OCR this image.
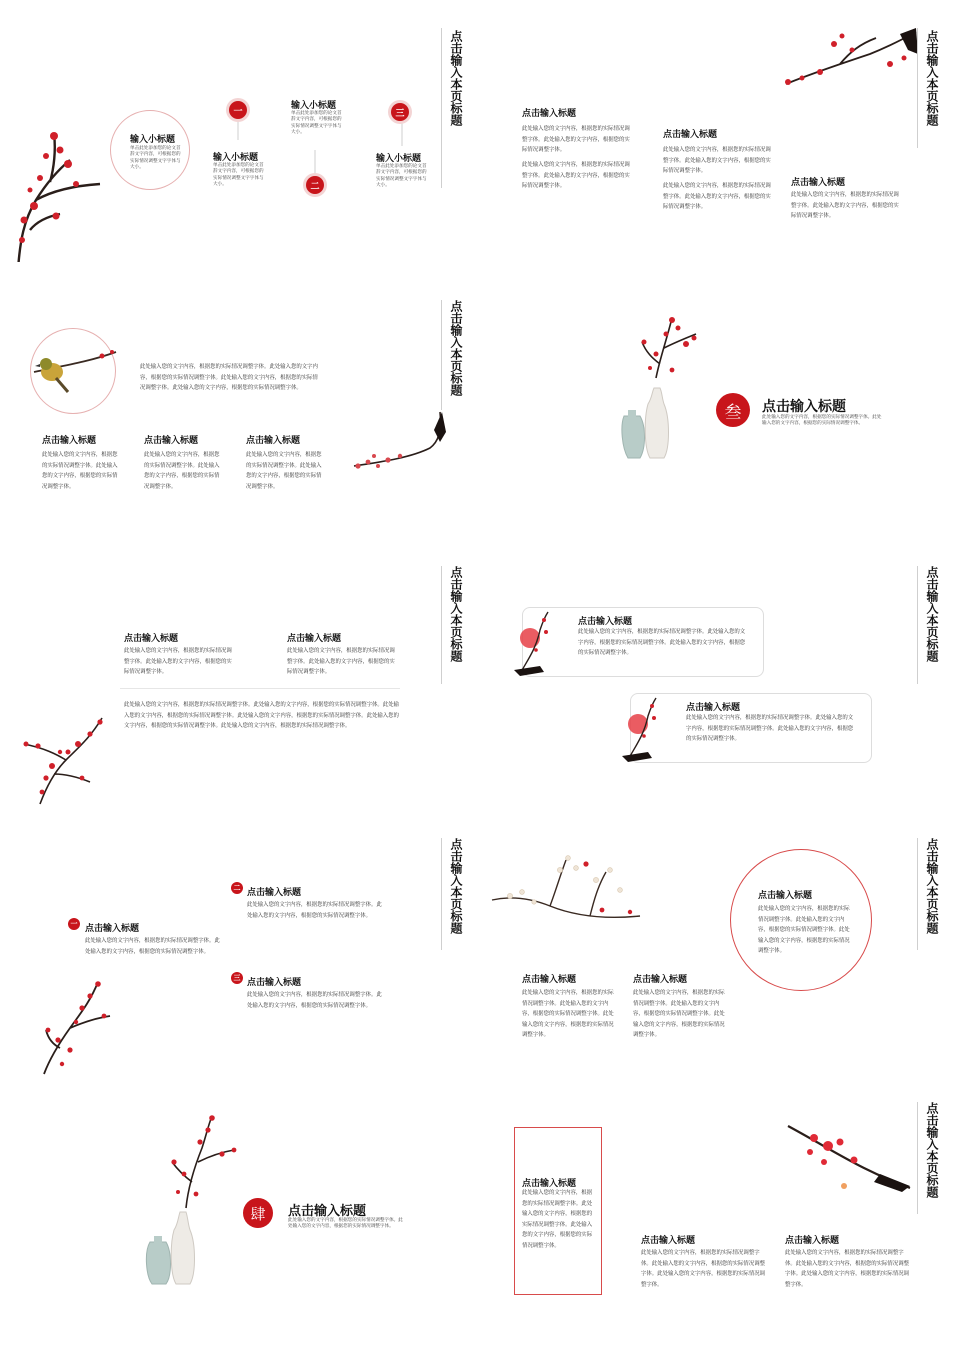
输入小标题
单击此处添加您的论文首辞文字内容，可根据您的实际情况调整文字字体与大小。
一
二
三
输入小标题
单击此处添加您的论文首辞文字内容，可根据您的实际情况调整文字字体与大小。
输入小标题
单击此处添加您的论文首辞文字内容，可根据您的实际情况调整文字字体与大小。
输入小标题
单击此处添加您的论文首辞文字内容，可根据您的实际情况调整文字字体与大小。
点击输入本页标题	点击输入标题
此处输入您的文字内容，根据您的实际情况调整字体。此处输入您的文字内容，根据您的实际情况调整字体。
此处输入您的文字内容，根据您的实际情况调整字体。此处输入您的文字内容，根据您的实际情况调整字体。
点击输入标题
此处输入您的文字内容，根据您的实际情况调整字体。此处输入您的文字内容，根据您的实际情况调整字体。
此处输入您的文字内容，根据您的实际情况调整字体。此处输入您的文字内容，根据您的实际情况调整字体。
点击输入标题
此处输入您的文字内容，根据您的实际情况调整字体。此处输入您的文字内容，根据您的实际情况调整字体。
点击输入本页标题
此处输入您的文字内容，根据您的实际情况调整字体。此处输入您的文字内容，根据您的实际情况调整字体。此处输入您的文字内容，根据您的实际情况调整字体。此处输入您的文字内容，根据您的实际情况调整字体。
点击输入标题
此处输入您的文字内容，根据您的实际情况调整字体。此处输入您的文字内容，根据您的实际情况调整字体。
点击输入标题
此处输入您的文字内容，根据您的实际情况调整字体。此处输入您的文字内容，根据您的实际情况调整字体。
点击输入标题
此处输入您的文字内容，根据您的实际情况调整字体。此处输入您的文字内容，根据您的实际情况调整字体。
点击输入本页标题
叁	点击输入标题
此处输入您的文字内容，根据您的实际情况调整字体。此处输入您的文字内容，根据您的实际情况调整字体。
点击输入标题
此处输入您的文字内容，根据您的实际情况调整字体。此处输入您的文字内容，根据您的实际情况调整字体。
点击输入标题
此处输入您的文字内容，根据您的实际情况调整字体。此处输入您的文字内容，根据您的实际情况调整字体。
此处输入您的文字内容，根据您的实际情况调整字体。此处输入您的文字内容，根据您的实际情况调整字体。此处输入您的文字内容，根据您的实际情况调整字体。此处输入您的文字内容，根据您的实际情况调整字体。此处输入您的文字内容，根据您的实际情况调整字体。此处输入您的文字内容，根据您的实际情况调整字体。
点击输入本页标题	点击输入标题
此处输入您的文字内容，根据您的实际情况调整字体。此处输入您的文字内容，根据您的实际情况调整字体。此处输入您的文字内容，根据您的实际情况调整字体。
点击输入标题
此处输入您的文字内容，根据您的实际情况调整字体。此处输入您的文字内容，根据您的实际情况调整字体。此处输入您的文字内容，根据您的实际情况调整字体。
点击输入本页标题
一 点击输入标题
此处输入您的文字内容，根据您的实际情况调整字体。此处输入您的文字内容，根据您的实际情况调整字体。
二 点击输入标题
此处输入您的文字内容，根据您的实际情况调整字体。此处输入您的文字内容，根据您的实际情况调整字体。
三 点击输入标题
此处输入您的文字内容，根据您的实际情况调整字体。此处输入您的文字内容，根据您的实际情况调整字体。
点击输入本页标题	点击输入标题
此处输入您的文字内容，根据您的实际情况调整字体。此处输入您的文字内容，根据您的实际情况调整字体。此处输入您的文字内容，根据您的实际情况调整字体。
点击输入标题
此处输入您的文字内容，根据您的实际情况调整字体。此处输入您的文字内容，根据您的实际情况调整字体。此处输入您的文字内容，根据您的实际情况调整字体。
点击输入标题
此处输入您的文字内容，根据您的实际情况调整字体。此处输入您的文字内容，根据您的实际情况调整字体。此处输入您的文字内容，根据您的实际情况调整字体。
点击输入本页标题
肆	点击输入标题
此处输入您的文字内容，根据您的实际情况调整字体。此处输入您的文字内容，根据您的实际情况调整字体。
点击输入标题
此处输入您的文字内容，根据您的实际情况调整字体。此处输入您的文字内容，根据您的实际情况调整字体。此处输入您的文字内容，根据您的实际情况调整字体。	点击输入标题
此处输入您的文字内容，根据您的实际情况调整字体。此处输入您的文字内容，根据您的实际情况调整字体。此处输入您的文字内容，根据您的实际情况调整字体。
点击输入标题
此处输入您的文字内容，根据您的实际情况调整字体。此处输入您的文字内容，根据您的实际情况调整字体。此处输入您的文字内容，根据您的实际情况调整字体。
点击输入本页标题
